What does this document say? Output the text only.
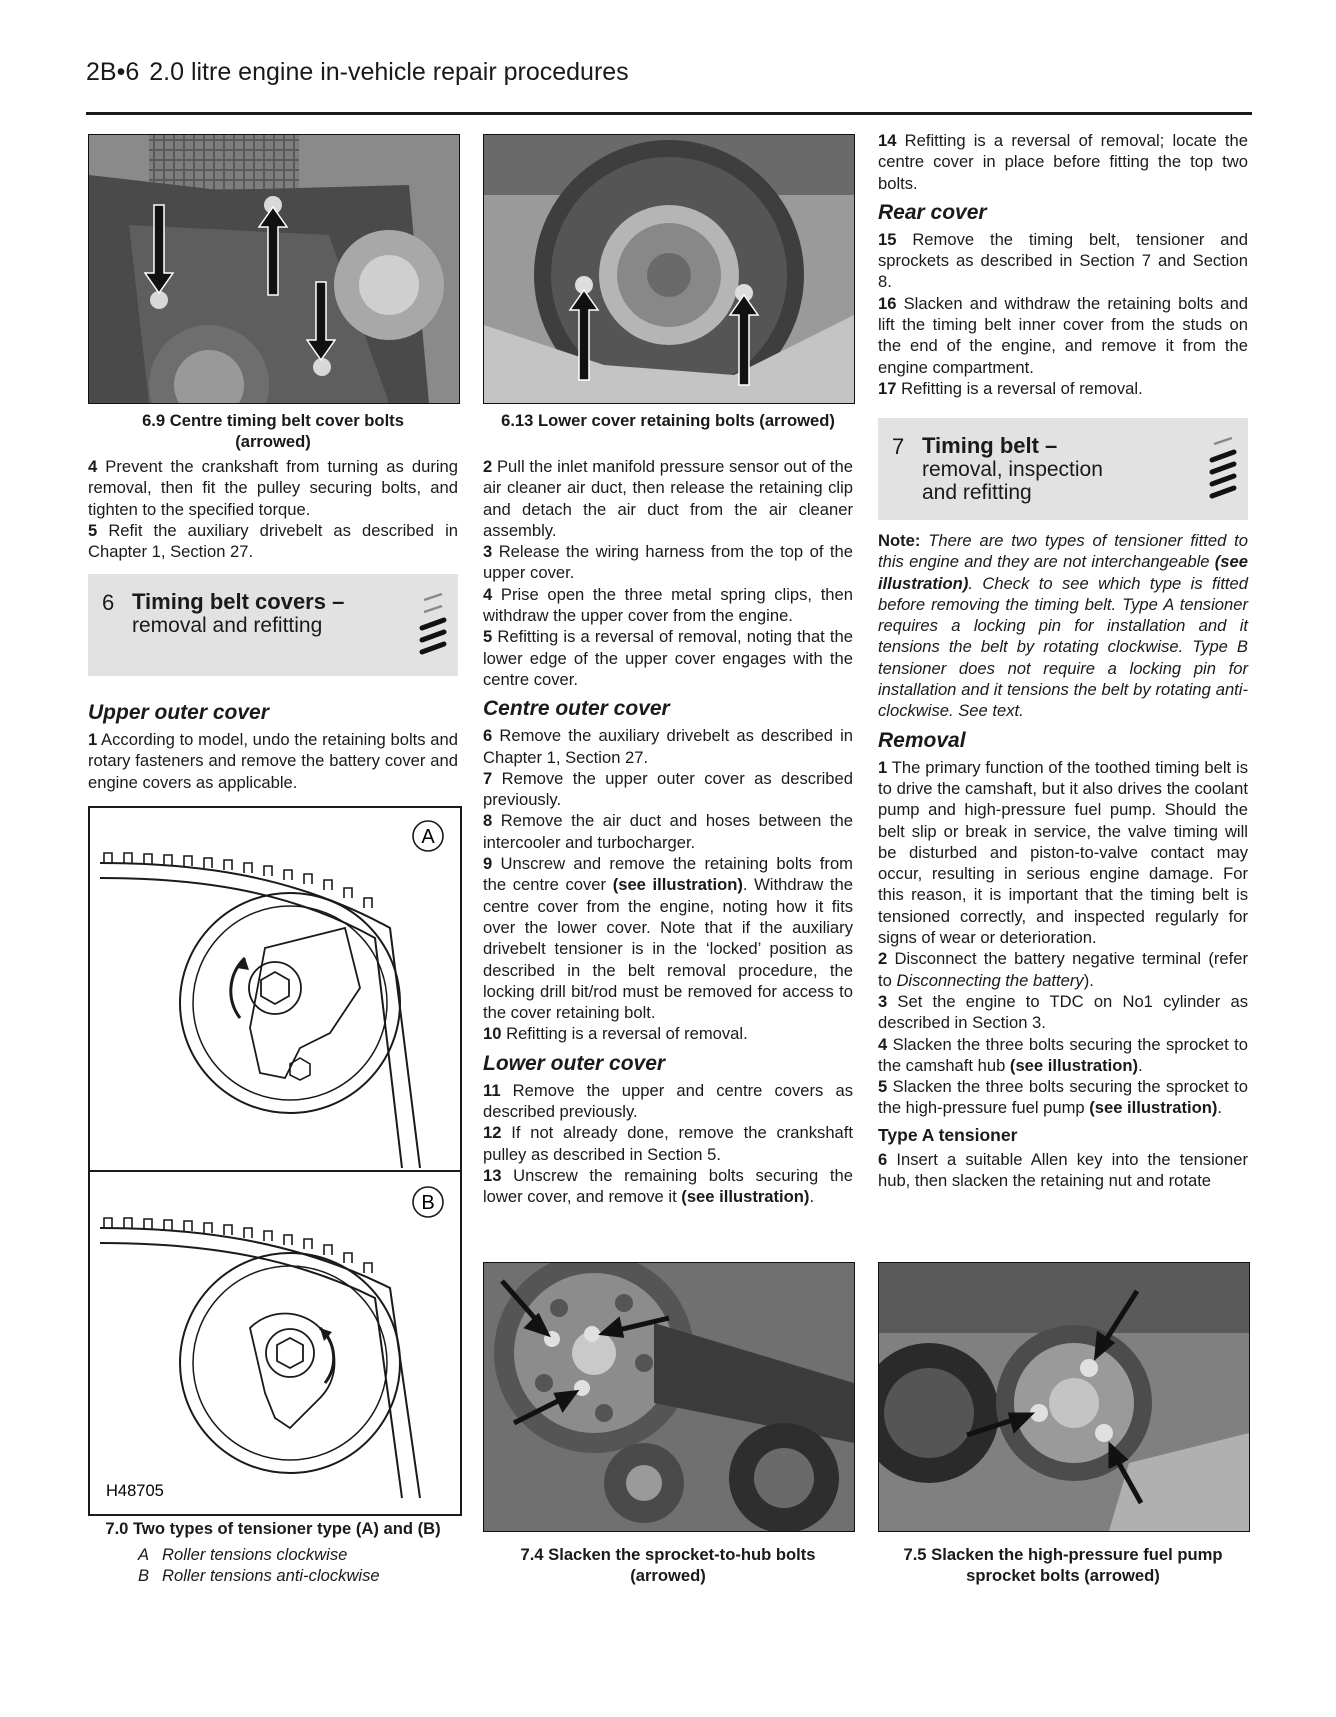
2B•6 2.0 litre engine in-vehicle repair procedures
6.9 Centre timing belt cover bolts
(arrowed)
6.13 Lower cover retaining bolts (arrowed)

4 Prevent the crankshaft from turning as during removal, then fit the pulley securing bolts, and tighten to the specified torque.

5 Refit the auxiliary drivebelt as described in Chapter 1, Section 27.

6 Timing belt covers –
removal and refitting
Upper outer cover

1 According to model, undo the retaining bolts and rotary fasteners and remove the battery cover and engine covers as applicable.

A
B
H48705
7.0 Two types of tensioner type (A) and (B)
A Roller tensions clockwise
B Roller tensions anti-clockwise

2 Pull the inlet manifold pressure sensor out of the air cleaner air duct, then release the retaining clip and detach the air duct from the air cleaner assembly.

3 Release the wiring harness from the top of the upper cover.

4 Prise open the three metal spring clips, then withdraw the upper cover from the engine.

5 Refitting is a reversal of removal, noting that the lower edge of the upper cover engages with the centre cover.

Centre outer cover

6 Remove the auxiliary drivebelt as described in Chapter 1, Section 27.

7 Remove the upper outer cover as described previously.

8 Remove the air duct and hoses between the intercooler and turbocharger.

9 Unscrew and remove the retaining bolts from the centre cover (see illustration). Withdraw the centre cover from the engine, noting how it fits over the lower cover. Note that if the auxiliary drivebelt tensioner is in the ‘locked’ position as described in the belt removal procedure, the locking drill bit/rod must be removed for access to the cover retaining bolt.

10 Refitting is a reversal of removal.

Lower outer cover

11 Remove the upper and centre covers as described previously.

12 If not already done, remove the crankshaft pulley as described in Section 5.

13 Unscrew the remaining bolts securing the lower cover, and remove it (see illustration).

14 Refitting is a reversal of removal; locate the centre cover in place before fitting the top two bolts.

Rear cover

15 Remove the timing belt, tensioner and sprockets as described in Section 7 and Section 8.

16 Slacken and withdraw the retaining bolts and lift the timing belt inner cover from the studs on the end of the engine, and remove it from the engine compartment.

17 Refitting is a reversal of removal.

7 Timing belt –
removal, inspection
and refitting

Note: There are two types of tensioner fitted to this engine and they are not interchangeable (see illustration). Check to see which type is fitted before removing the timing belt. Type A tensioner requires a locking pin for installation and it tensions the belt by rotating clockwise. Type B tensioner does not require a locking pin for installation and it tensions the belt by rotating anti-clockwise. See text.

Removal

1 The primary function of the toothed timing belt is to drive the camshaft, but it also drives the coolant pump and high-pressure fuel pump. Should the belt slip or break in service, the valve timing will be disturbed and piston-to-valve contact may occur, resulting in serious engine damage. For this reason, it is important that the timing belt is tensioned correctly, and inspected regularly for signs of wear or deterioration.

2 Disconnect the battery negative terminal (refer to Disconnecting the battery).

3 Set the engine to TDC on No1 cylinder as described in Section 3.

4 Slacken the three bolts securing the sprocket to the camshaft hub (see illustration).

5 Slacken the three bolts securing the sprocket to the high-pressure fuel pump (see illustration).

Type A tensioner

6 Insert a suitable Allen key into the tensioner hub, then slacken the retaining nut and rotate

7.4 Slacken the sprocket-to-hub bolts
(arrowed)
7.5 Slacken the high-pressure fuel pump
sprocket bolts (arrowed)
